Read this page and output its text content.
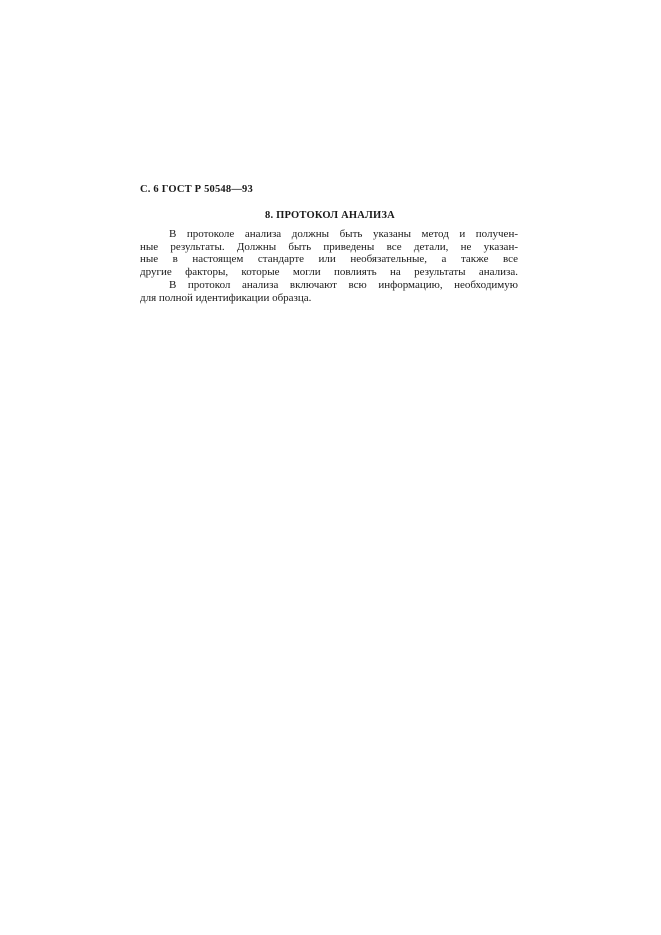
С. 6 ГОСТ Р 50548—93
8. ПРОТОКОЛ АНАЛИЗА
В протоколе анализа должны быть указаны метод и получен-
ные результаты. Должны быть приведены все детали, не указан-
ные в настоящем стандарте или необязательные, а также все
другие факторы, которые могли повлиять на результаты анализа.
В протокол анализа включают всю информацию, необходимую
для полной идентификации образца.
